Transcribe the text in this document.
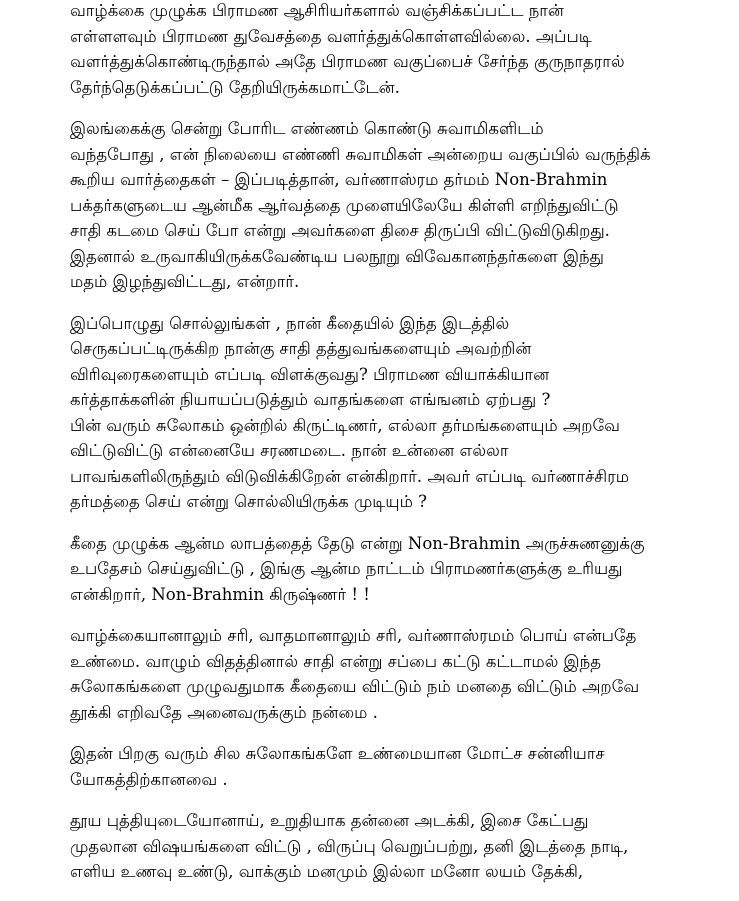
வாழ்க்கை முழுக்க பிராமண ஆசிரியர்களால் வஞ்சிக்கப்பட்ட நான்
எள்ளளவும் பிராமண துவேசத்தை வளர்த்துக்கொள்ளவில்லை. அப்படி
வளர்த்துக்கொண்டிருந்தால் அதே பிராமண வகுப்பைச் சேர்ந்த குருநாதரால்
தேர்ந்தெடுக்கப்பட்டு தேறியிருக்கமாட்டேன்.

இலங்கைக்கு சென்று போரிட எண்ணம் கொண்டு சுவாமிகளிடம்
வந்தபோது , என் நிலையை எண்ணி சுவாமிகள் அன்றைய வகுப்பில் வருந்திக்
கூறிய வார்த்தைகள் – இப்படித்தான், வர்ணாஸ்ரம தர்மம் Non-Brahmin
பக்தர்களுடைய ஆன்மீக ஆர்வத்தை முளையிலேயே கிள்ளி எறிந்துவிட்டு
சாதி கடமை செய் போ என்று அவர்களை திசை திருப்பி விட்டுவிடுகிறது.
இதனால் உருவாகியிருக்கவேண்டிய பலநூறு விவேகானந்தர்களை இந்து
மதம் இழந்துவிட்டது, என்றார்.

இப்பொழுது சொல்லுங்கள் , நான் கீதையில் இந்த இடத்தில்
செருகப்பட்டிருக்கிற நான்கு சாதி தத்துவங்களையும் அவற்றின்
விரிவுரைகளையும் எப்படி விளக்குவது? பிராமண வியாக்கியான
கர்த்தாக்களின் நியாயப்படுத்தும் வாதங்களை எங்ஙனம் ஏற்பது ?
பின் வரும் சுலோகம் ஒன்றில் கிருட்டிணர், எல்லா தர்மங்களையும் அறவே
விட்டுவிட்டு என்னையே சரணமடை. நான் உன்னை எல்லா
பாவங்களிலிருந்தும் விடுவிக்கிறேன் என்கிறார். அவர் எப்படி வர்ணாச்சிரம
தர்மத்தை செய் என்று சொல்லியிருக்க முடியும் ?

கீதை முழுக்க ஆன்ம லாபத்தைத் தேடு என்று Non-Brahmin அருச்சுணனுக்கு
உபதேசம் செய்துவிட்டு , இங்கு ஆன்ம நாட்டம் பிராமணர்களுக்கு உரியது
என்கிறார், Non-Brahmin கிருஷ்ணர் ! !

வாழ்க்கையானாலும் சரி, வாதமானாலும் சரி, வர்ணாஸ்ரமம் பொய் என்பதே
உண்மை. வாழும் விதத்தினால் சாதி என்று சப்பை கட்டு கட்டாமல் இந்த
சுலோகங்களை முழுவதுமாக கீதையை விட்டும் நம் மனதை விட்டும் அறவே
தூக்கி எறிவதே அனைவருக்கும் நன்மை .

இதன் பிறகு வரும் சில சுலோகங்களே உண்மையான மோட்ச சன்னியாச
யோகத்திற்கானவை .

தூய புத்தியுடையோனாய், உறுதியாக தன்னை அடக்கி, இசை கேட்பது
முதலான விஷயங்களை விட்டு , விருப்பு வெறுப்பற்று, தனி இடத்தை நாடி,
எளிய உணவு உண்டு, வாக்கும் மனமும் இல்லா மனோ லயம் தேக்கி,
